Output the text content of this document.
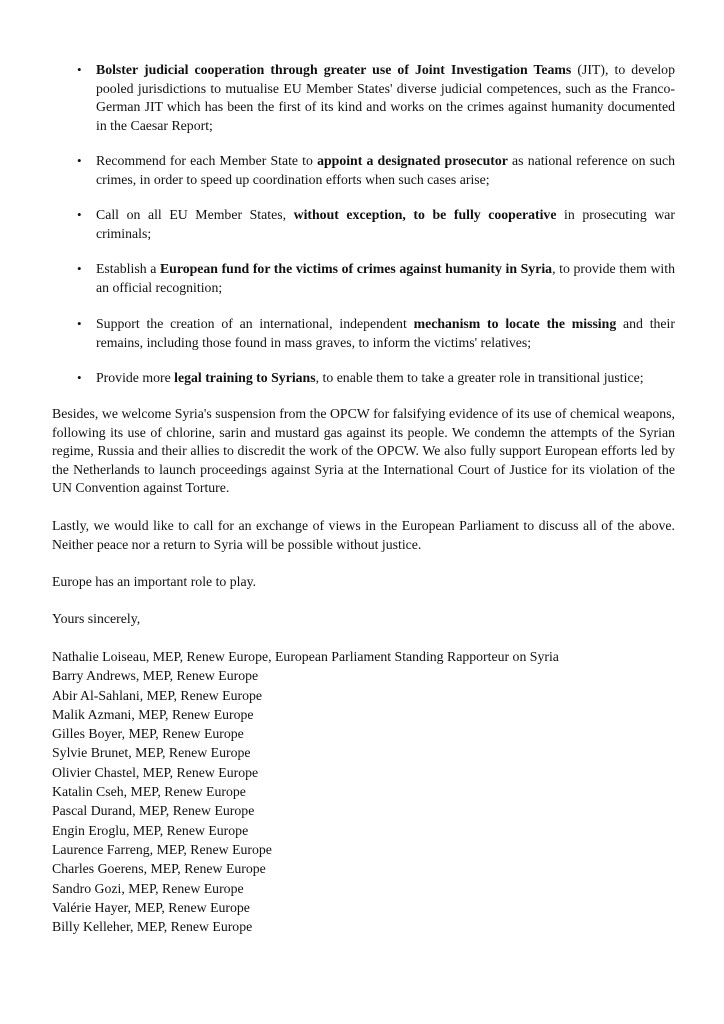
•
Bolster judicial cooperation through greater use of Joint Investigation Teams (JIT), to develop pooled jurisdictions to mutualise EU Member States' diverse judicial competences, such as the Franco-German JIT which has been the first of its kind and works on the crimes against humanity documented in the Caesar Report;
•
Recommend for each Member State to appoint a designated prosecutor as national reference on such crimes, in order to speed up coordination efforts when such cases arise;
•
Call on all EU Member States, without exception, to be fully cooperative in prosecuting war criminals;
•
Establish a European fund for the victims of crimes against humanity in Syria, to provide them with an official recognition;
•
Support the creation of an international, independent mechanism to locate the missing and their remains, including those found in mass graves, to inform the victims' relatives;
•
Provide more legal training to Syrians, to enable them to take a greater role in transitional justice;

Besides, we welcome Syria's suspension from the OPCW for falsifying evidence of its use of chemical weapons, following its use of chlorine, sarin and mustard gas against its people. We condemn the attempts of the Syrian regime, Russia and their allies to discredit the work of the OPCW. We also fully support European efforts led by the Netherlands to launch proceedings against Syria at the International Court of Justice for its violation of the UN Convention against Torture.

Lastly, we would like to call for an exchange of views in the European Parliament to discuss all of the above. Neither peace nor a return to Syria will be possible without justice.

Europe has an important role to play.

Yours sincerely,

Nathalie Loiseau, MEP, Renew Europe, European Parliament Standing Rapporteur on Syria
Barry Andrews, MEP, Renew Europe
Abir Al-Sahlani, MEP, Renew Europe
Malik Azmani, MEP, Renew Europe
Gilles Boyer, MEP, Renew Europe
Sylvie Brunet, MEP, Renew Europe
Olivier Chastel, MEP, Renew Europe
Katalin Cseh, MEP, Renew Europe
Pascal Durand, MEP, Renew Europe
Engin Eroglu, MEP, Renew Europe
Laurence Farreng, MEP, Renew Europe
Charles Goerens, MEP, Renew Europe
Sandro Gozi, MEP, Renew Europe
Valérie Hayer, MEP, Renew Europe
Billy Kelleher, MEP, Renew Europe
